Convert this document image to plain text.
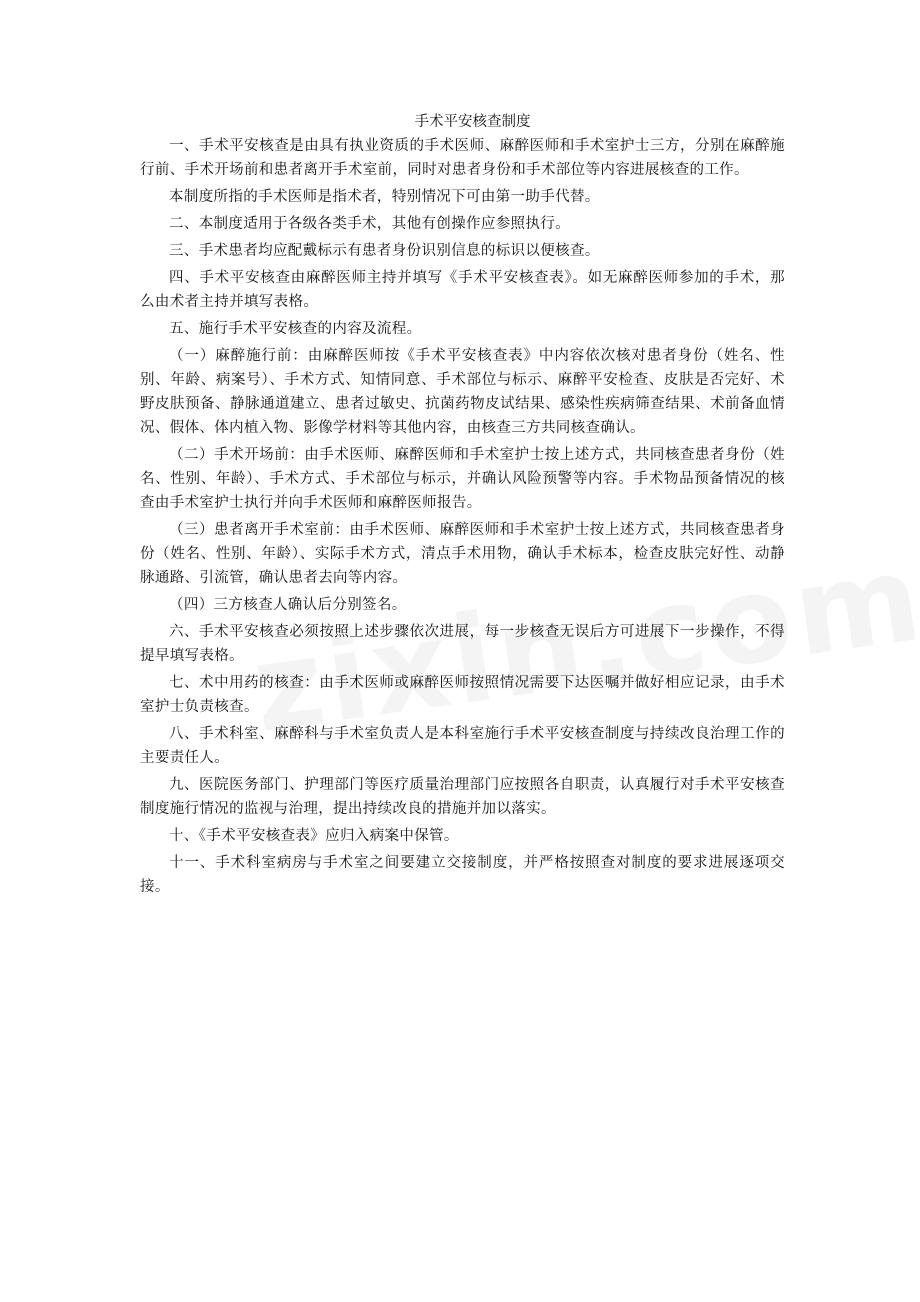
手术平安核查制度

一、手术平安核查是由具有执业资质的手术医师、麻醉医师和手术室护士三方，分别在麻醉施行前、手术开场前和患者离开手术室前，同时对患者身份和手术部位等内容进展核查的工作。

本制度所指的手术医师是指术者，特别情况下可由第一助手代替。

二、本制度适用于各级各类手术，其他有创操作应参照执行。

三、手术患者均应配戴标示有患者身份识别信息的标识以便核查。

四、手术平安核查由麻醉医师主持并填写《手术平安核查表》。如无麻醉医师参加的手术，那么由术者主持并填写表格。

五、施行手术平安核查的内容及流程。

（一）麻醉施行前：由麻醉医师按《手术平安核查表》中内容依次核对患者身份（姓名、性别、年龄、病案号）、手术方式、知情同意、手术部位与标示、麻醉平安检查、皮肤是否完好、术野皮肤预备、静脉通道建立、患者过敏史、抗菌药物皮试结果、感染性疾病筛查结果、术前备血情况、假体、体内植入物、影像学材料等其他内容，由核查三方共同核查确认。

（二）手术开场前：由手术医师、麻醉医师和手术室护士按上述方式，共同核查患者身份（姓名、性别、年龄）、手术方式、手术部位与标示，并确认风险预警等内容。手术物品预备情况的核查由手术室护士执行并向手术医师和麻醉医师报告。

（三）患者离开手术室前：由手术医师、麻醉医师和手术室护士按上述方式，共同核查患者身份（姓名、性别、年龄）、实际手术方式，清点手术用物，确认手术标本，检查皮肤完好性、动静脉通路、引流管，确认患者去向等内容。

（四）三方核查人确认后分别签名。

六、手术平安核查必须按照上述步骤依次进展，每一步核查无误后方可进展下一步操作，不得提早填写表格。

七、术中用药的核查：由手术医师或麻醉医师按照情况需要下达医嘱并做好相应记录，由手术室护士负责核查。

八、手术科室、麻醉科与手术室负责人是本科室施行手术平安核查制度与持续改良治理工作的主要责任人。

九、医院医务部门、护理部门等医疗质量治理部门应按照各自职责，认真履行对手术平安核查制度施行情况的监视与治理，提出持续改良的措施并加以落实。

十、《手术平安核查表》应归入病案中保管。

十一、手术科室病房与手术室之间要建立交接制度，并严格按照查对制度的要求进展逐项交接。
